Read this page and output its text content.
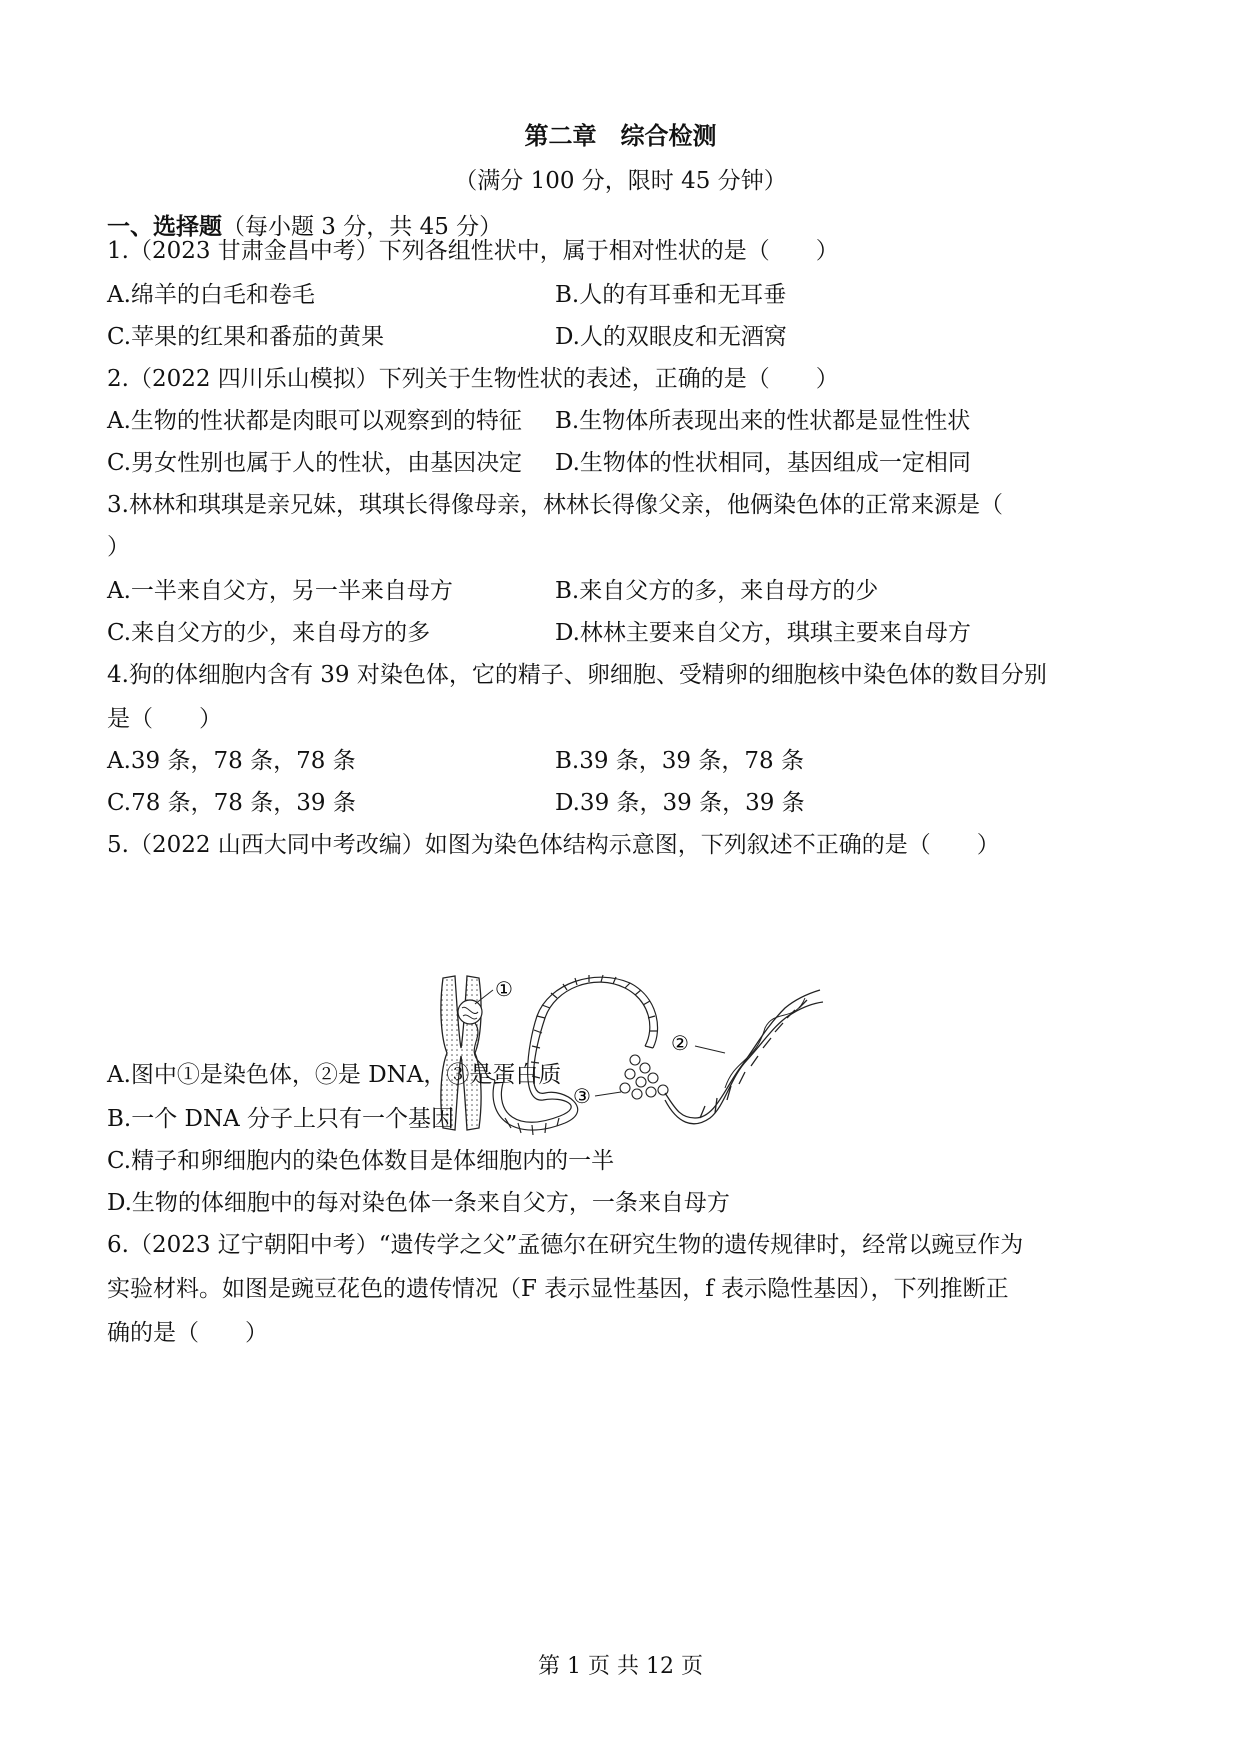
第二章　综合检测
（满分 100 分，限时 45 分钟）
一、选择题（每小题 3 分，共 45 分）
1.（2023 甘肃金昌中考）下列各组性状中，属于相对性状的是（　　）
A.绵羊的白毛和卷毛	B.人的有耳垂和无耳垂
C.苹果的红果和番茄的黄果	D.人的双眼皮和无酒窝
2.（2022 四川乐山模拟）下列关于生物性状的表述，正确的是（　　）
A.生物的性状都是肉眼可以观察到的特征 B.生物体所表现出来的性状都是显性性状
C.男女性别也属于人的性状，由基因决定 D.生物体的性状相同，基因组成一定相同
3.林林和琪琪是亲兄妹，琪琪长得像母亲，林林长得像父亲，他俩染色体的正常来源是（
）
A.一半来自父方，另一半来自母方	B.来自父方的多，来自母方的少
C.来自父方的少，来自母方的多	D.林林主要来自父方，琪琪主要来自母方
4.狗的体细胞内含有 39 对染色体，它的精子、卵细胞、受精卵的细胞核中染色体的数目分别
是（　　）
A.39 条，78 条，78 条	B.39 条，39 条，78 条
C.78 条，78 条，39 条	D.39 条，39 条，39 条
5.（2022 山西大同中考改编）如图为染色体结构示意图，下列叙述不正确的是（　　）
①
③
②
A.图中①是染色体，②是 DNA，③是蛋白质
B.一个 DNA 分子上只有一个基因
C.精子和卵细胞内的染色体数目是体细胞内的一半
D.生物的体细胞中的每对染色体一条来自父方，一条来自母方
6.（2023 辽宁朝阳中考）“遗传学之父”孟德尔在研究生物的遗传规律时，经常以豌豆作为
实验材料。如图是豌豆花色的遗传情况（F 表示显性基因，f 表示隐性基因），下列推断正
确的是（　　）
第 1 页 共 12 页
